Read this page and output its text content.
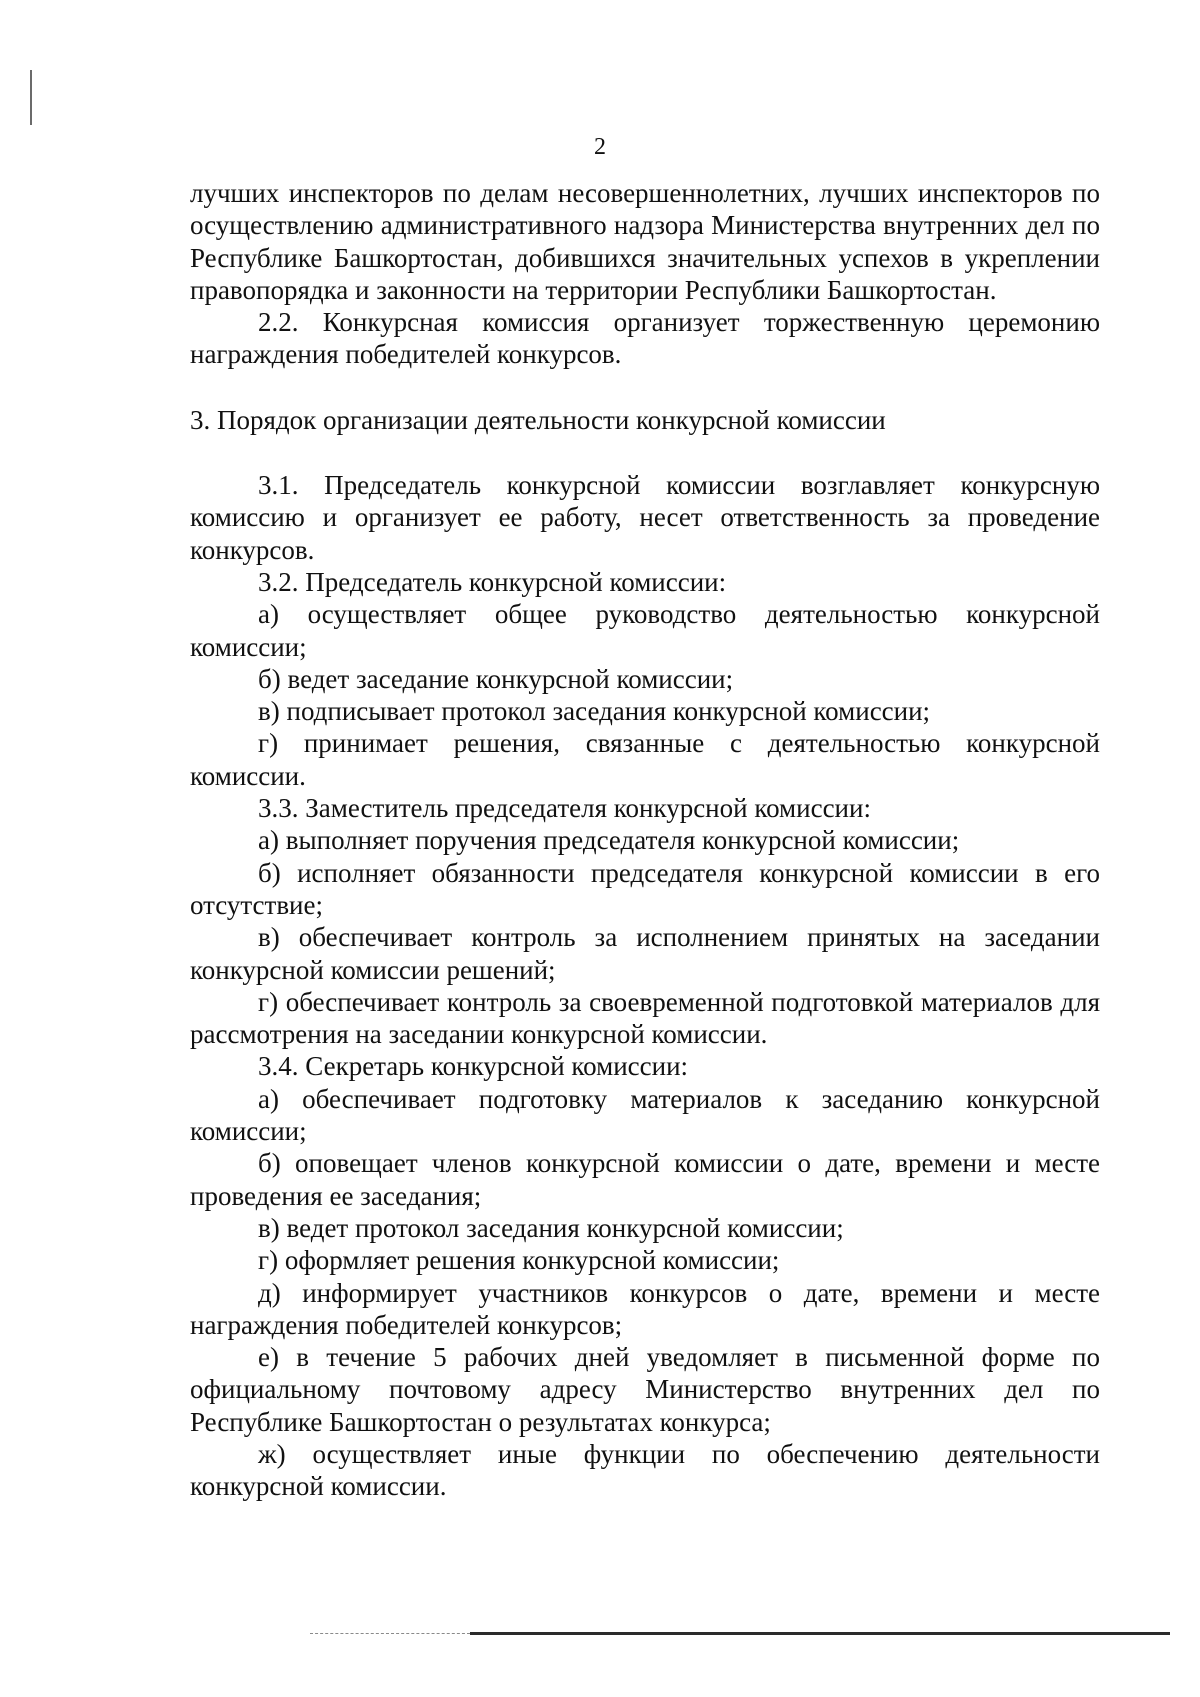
2

лучших инспекторов по делам несовершеннолетних, лучших инспекторов по осуществлению административного надзора Министерства внутренних дел по Республике Башкортостан, добившихся значительных успехов в укреплении правопорядка и законности на территории Республики Башкортостан.

2.2. Конкурсная комиссия организует торжественную церемонию награждения победителей конкурсов.

3. Порядок организации деятельности конкурсной комиссии

3.1. Председатель конкурсной комиссии возглавляет конкурсную комиссию и организует ее работу, несет ответственность за проведение конкурсов.

3.2. Председатель конкурсной комиссии:

а) осуществляет общее руководство деятельностью конкурсной комиссии;

б) ведет заседание конкурсной комиссии;

в) подписывает протокол заседания конкурсной комиссии;

г) принимает решения, связанные с деятельностью конкурсной комиссии.

3.3. Заместитель председателя конкурсной комиссии:

а) выполняет поручения председателя конкурсной комиссии;

б) исполняет обязанности председателя конкурсной комиссии в его отсутствие;

в) обеспечивает контроль за исполнением принятых на заседании конкурсной комиссии решений;

г) обеспечивает контроль за своевременной подготовкой материалов для рассмотрения на заседании конкурсной комиссии.

3.4. Секретарь конкурсной комиссии:

а) обеспечивает подготовку материалов к заседанию конкурсной комиссии;

б) оповещает членов конкурсной комиссии о дате, времени и месте проведения ее заседания;

в) ведет протокол заседания конкурсной комиссии;

г) оформляет решения конкурсной комиссии;

д) информирует участников конкурсов о дате, времени и месте награждения победителей конкурсов;

е) в течение 5 рабочих дней уведомляет в письменной форме по официальному почтовому адресу Министерство внутренних дел по Республике Башкортостан о результатах конкурса;

ж) осуществляет иные функции по обеспечению деятельности конкурсной комиссии.
